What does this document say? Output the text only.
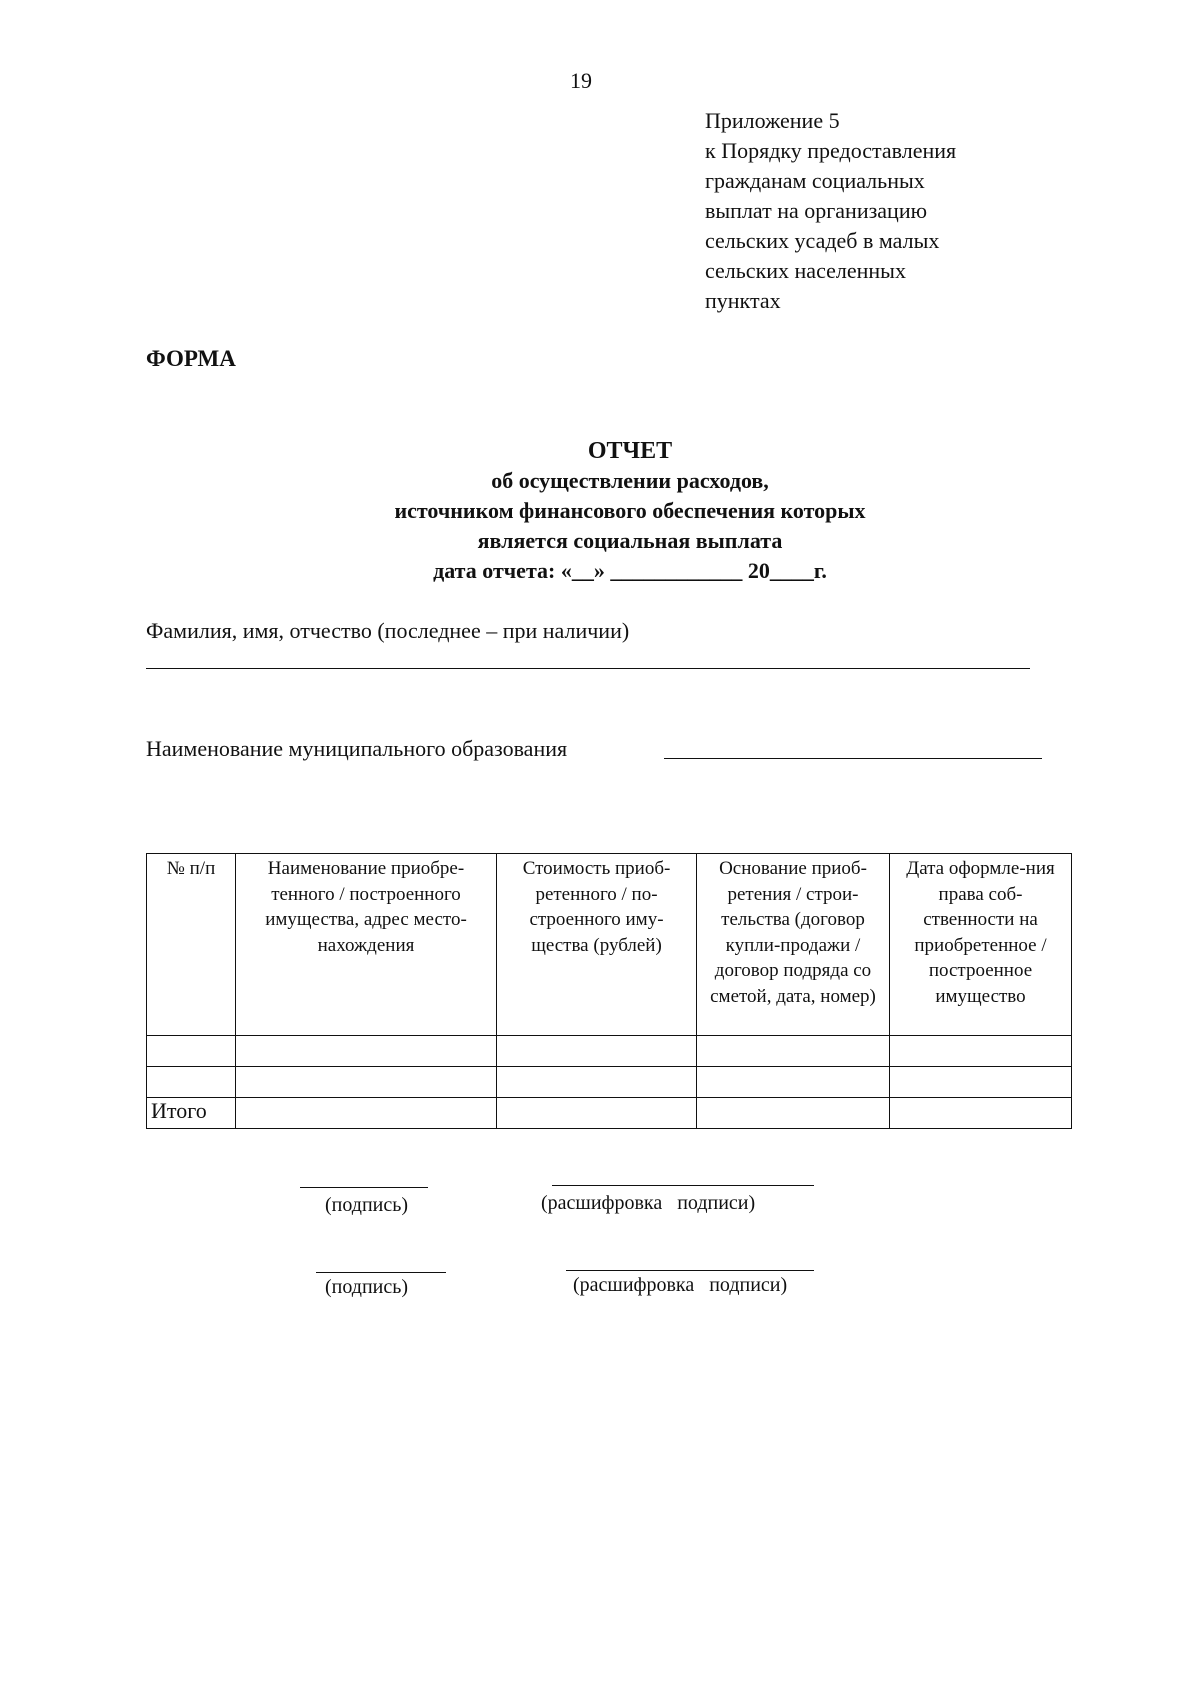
19
Приложение 5
к Порядку предоставления
гражданам социальных
выплат на организацию
сельских усадеб в малых
сельских населенных
пунктах
ФОРМА
ОТЧЕТ
об осуществлении расходов,
источником финансового обеспечения которых
является социальная выплата
дата отчета: «__» ____________ 20____г.
Фамилия, имя, отчество (последнее – при наличии)
Наименование муниципального образования
№ п/п	Наименование приобре-тенного / построенного имущества, адрес место-нахождения	Стоимость приоб-ретенного / по-строенного иму-щества (рублей)	Основание приоб-ретения / строи-тельства (договор купли-продажи / договор подряда со сметой, дата, номер)	Дата оформле-ния права соб-ственности на приобретенное / построенное имущество

Итого				
(подпись)	(расшифровка   подписи)
(подпись)	(расшифровка   подписи)
